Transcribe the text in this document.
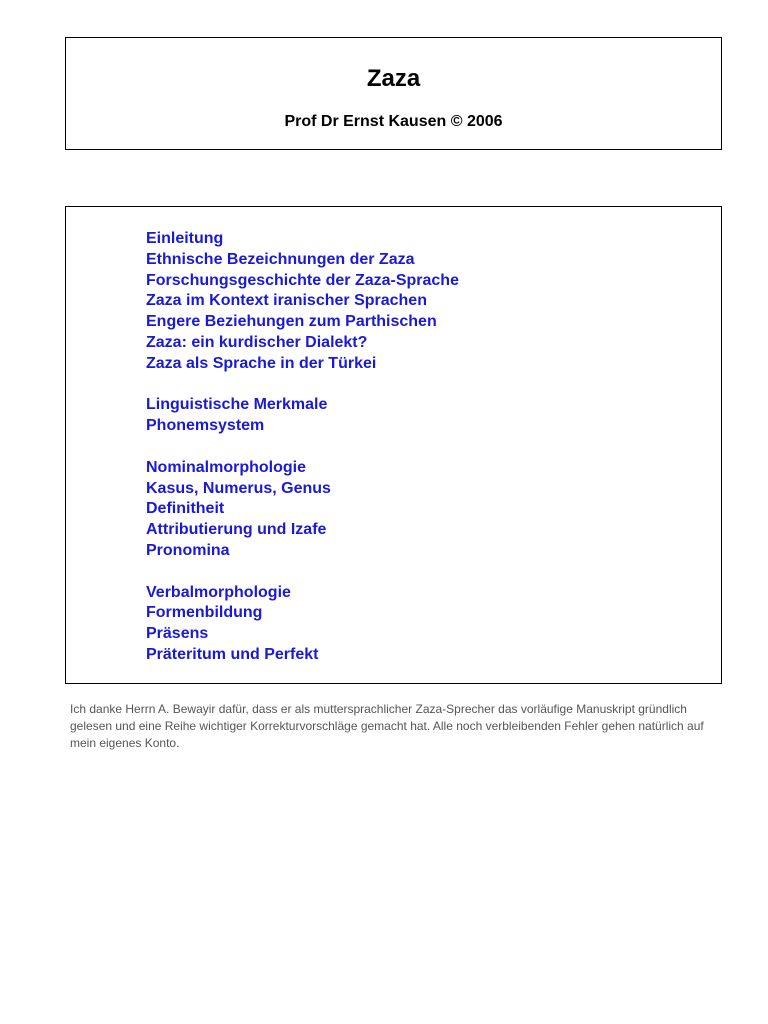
Zaza

Prof Dr Ernst Kausen © 2006

Einleitung
Ethnische Bezeichnungen der Zaza
Forschungsgeschichte der Zaza-Sprache
Zaza im Kontext iranischer Sprachen
Engere Beziehungen zum Parthischen
Zaza: ein kurdischer Dialekt?
Zaza als Sprache in der Türkei
Linguistische Merkmale
Phonemsystem
Nominalmorphologie
Kasus, Numerus, Genus
Definitheit
Attributierung und Izafe
Pronomina
Verbalmorphologie
Formenbildung
Präsens
Präteritum und Perfekt

Ich danke Herrn A. Bewayir dafür, dass er als muttersprachlicher Zaza-Sprecher das vorläufige Manuskript gründlich gelesen und eine Reihe wichtiger Korrekturvorschläge gemacht hat. Alle noch verbleibenden Fehler gehen natürlich auf mein eigenes Konto.
